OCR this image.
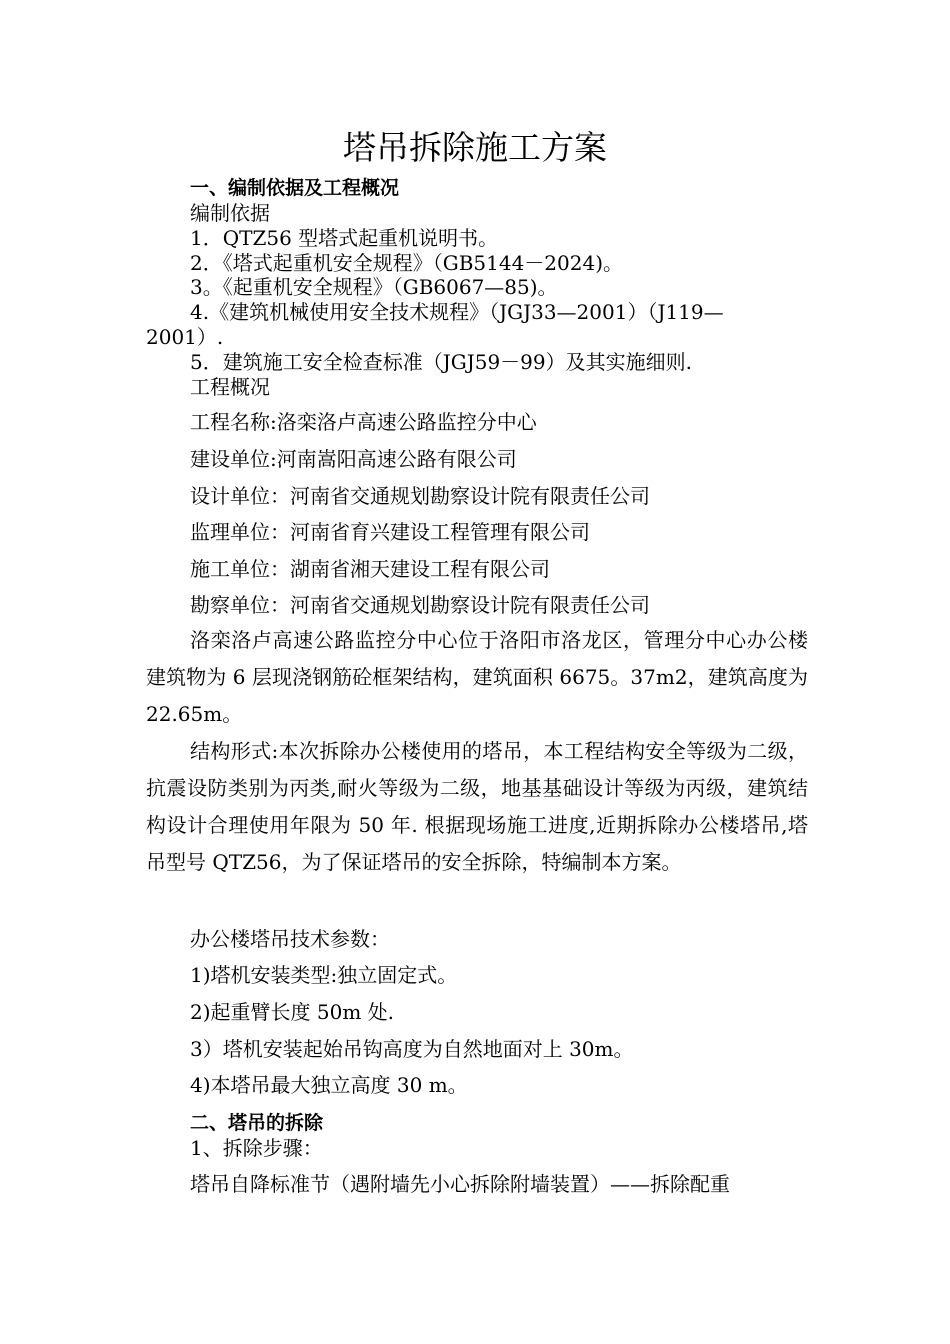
塔吊拆除施工方案
一、编制依据及工程概况
编制依据
1．QTZ56 型塔式起重机说明书。
2．《塔式起重机安全规程》（GB5144－2024)。
3。《起重机安全规程》（GB6067—85)。
4.《建筑机械使用安全技术规程》（JGJ33—2001）（J119—
2001）.
5．建筑施工安全检查标准（JGJ59－99）及其实施细则.
工程概况
工程名称:洛栾洛卢高速公路监控分中心
建设单位:河南嵩阳高速公路有限公司
设计单位：河南省交通规划勘察设计院有限责任公司
监理单位：河南省育兴建设工程管理有限公司
施工单位：湖南省湘天建设工程有限公司
勘察单位：河南省交通规划勘察设计院有限责任公司
洛栾洛卢高速公路监控分中心位于洛阳市洛龙区，管理分中心办公楼建筑物为 6 层现浇钢筋砼框架结构，建筑面积 6675。37m2，建筑高度为 22.65m。
结构形式:本次拆除办公楼使用的塔吊，本工程结构安全等级为二级，抗震设防类别为丙类,耐火等级为二级，地基基础设计等级为丙级，建筑结构设计合理使用年限为 50 年. 根据现场施工进度,近期拆除办公楼塔吊,塔吊型号 QTZ56，为了保证塔吊的安全拆除，特编制本方案。
办公楼塔吊技术参数：
1)塔机安装类型:独立固定式。
2)起重臂长度 50m 处.
3）塔机安装起始吊钩高度为自然地面对上 30m。
4)本塔吊最大独立高度 30 m。
二、塔吊的拆除
1、拆除步骤：
塔吊自降标准节（遇附墙先小心拆除附墙装置）——拆除配重
